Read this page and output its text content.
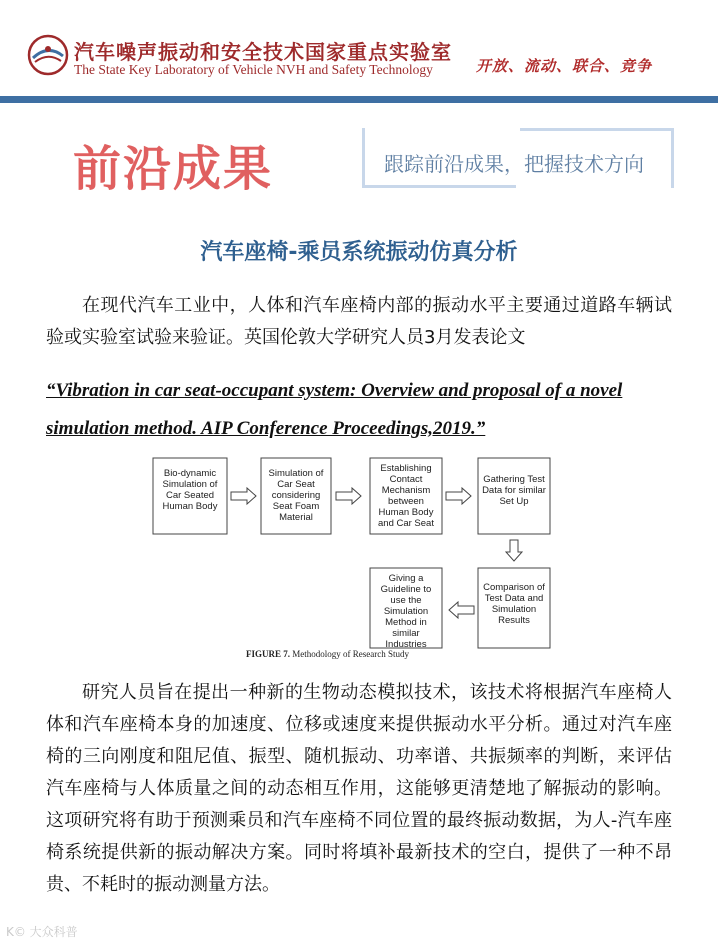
汽车噪声振动和安全技术国家重点实验室
The State Key Laboratory of Vehicle NVH and Safety Technology	开放、流动、联合、竞争
前沿成果	跟踪前沿成果，把握技术方向
汽车座椅-乘员系统振动仿真分析
在现代汽车工业中，人体和汽车座椅内部的振动水平主要通过道路车辆试验或实验室试验来验证。英国伦敦大学研究人员3月发表论文
“Vibration in car seat-occupant system: Overview and proposal of a novel simulation method. AIP Conference Proceedings,2019.”
Bio-dynamic Simulation of Car Seated Human Body
Simulation of Car Seat considering Seat Foam Material
Establishing Contact Mechanism between Human Body and Car Seat
Gathering Test Data for similar Set Up
Comparison of Test Data and Simulation Results
Giving a Guideline to use the Simulation Method in similar Industries
FIGURE 7. Methodology of Research Study
研究人员旨在提出一种新的生物动态模拟技术，该技术将根据汽车座椅人体和汽车座椅本身的加速度、位移或速度来提供振动水平分析。通过对汽车座椅的三向刚度和阻尼值、振型、随机振动、功率谱、共振频率的判断，来评估汽车座椅与人体质量之间的动态相互作用，这能够更清楚地了解振动的影响。这项研究将有助于预测乘员和汽车座椅不同位置的最终振动数据，为人-汽车座椅系统提供新的振动解决方案。同时将填补最新技术的空白，提供了一种不昂贵、不耗时的振动测量方法。
K© 大众科普
